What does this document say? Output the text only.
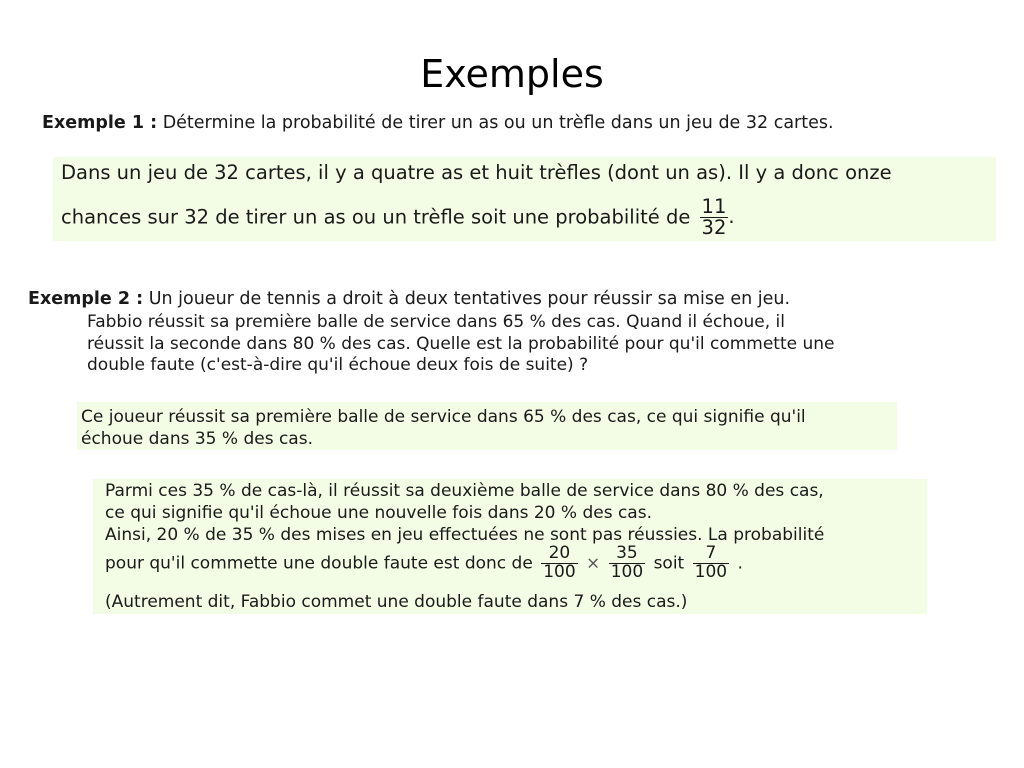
Exemples
Exemple 1 : Détermine la probabilité de tirer un as ou un trèfle dans un jeu de 32 cartes.
Dans un jeu de 32 cartes, il y a quatre as et huit trèfles (dont un as). Il y a donc onze
chances sur 32 de tirer un as ou un trèfle soit une probabilité de $\frac{11}{32}$ .
Exemple 2 : Un joueur de tennis a droit à deux tentatives pour réussir sa mise en jeu.
Fabbio réussit sa première balle de service dans 65 % des cas. Quand il échoue, il
réussit la seconde dans 80 % des cas. Quelle est la probabilité pour qu'il commette une
double faute (c'est-à-dire qu'il échoue deux fois de suite) ?
Ce joueur réussit sa première balle de service dans 65 % des cas, ce qui signifie qu'il
échoue dans 35 % des cas.
Parmi ces 35 % de cas-là, il réussit sa deuxième balle de service dans 80 % des cas,
ce qui signifie qu'il échoue une nouvelle fois dans 20 % des cas.
Ainsi, 20 % de 35 % des mises en jeu effectuées ne sont pas réussies. La probabilité
pour qu'il commette une double faute est donc de $\frac{20}{100} \times \frac{35}{100}$ soit $\frac{7}{100}$ .
(Autrement dit, Fabbio commet une double faute dans 7 % des cas.)
